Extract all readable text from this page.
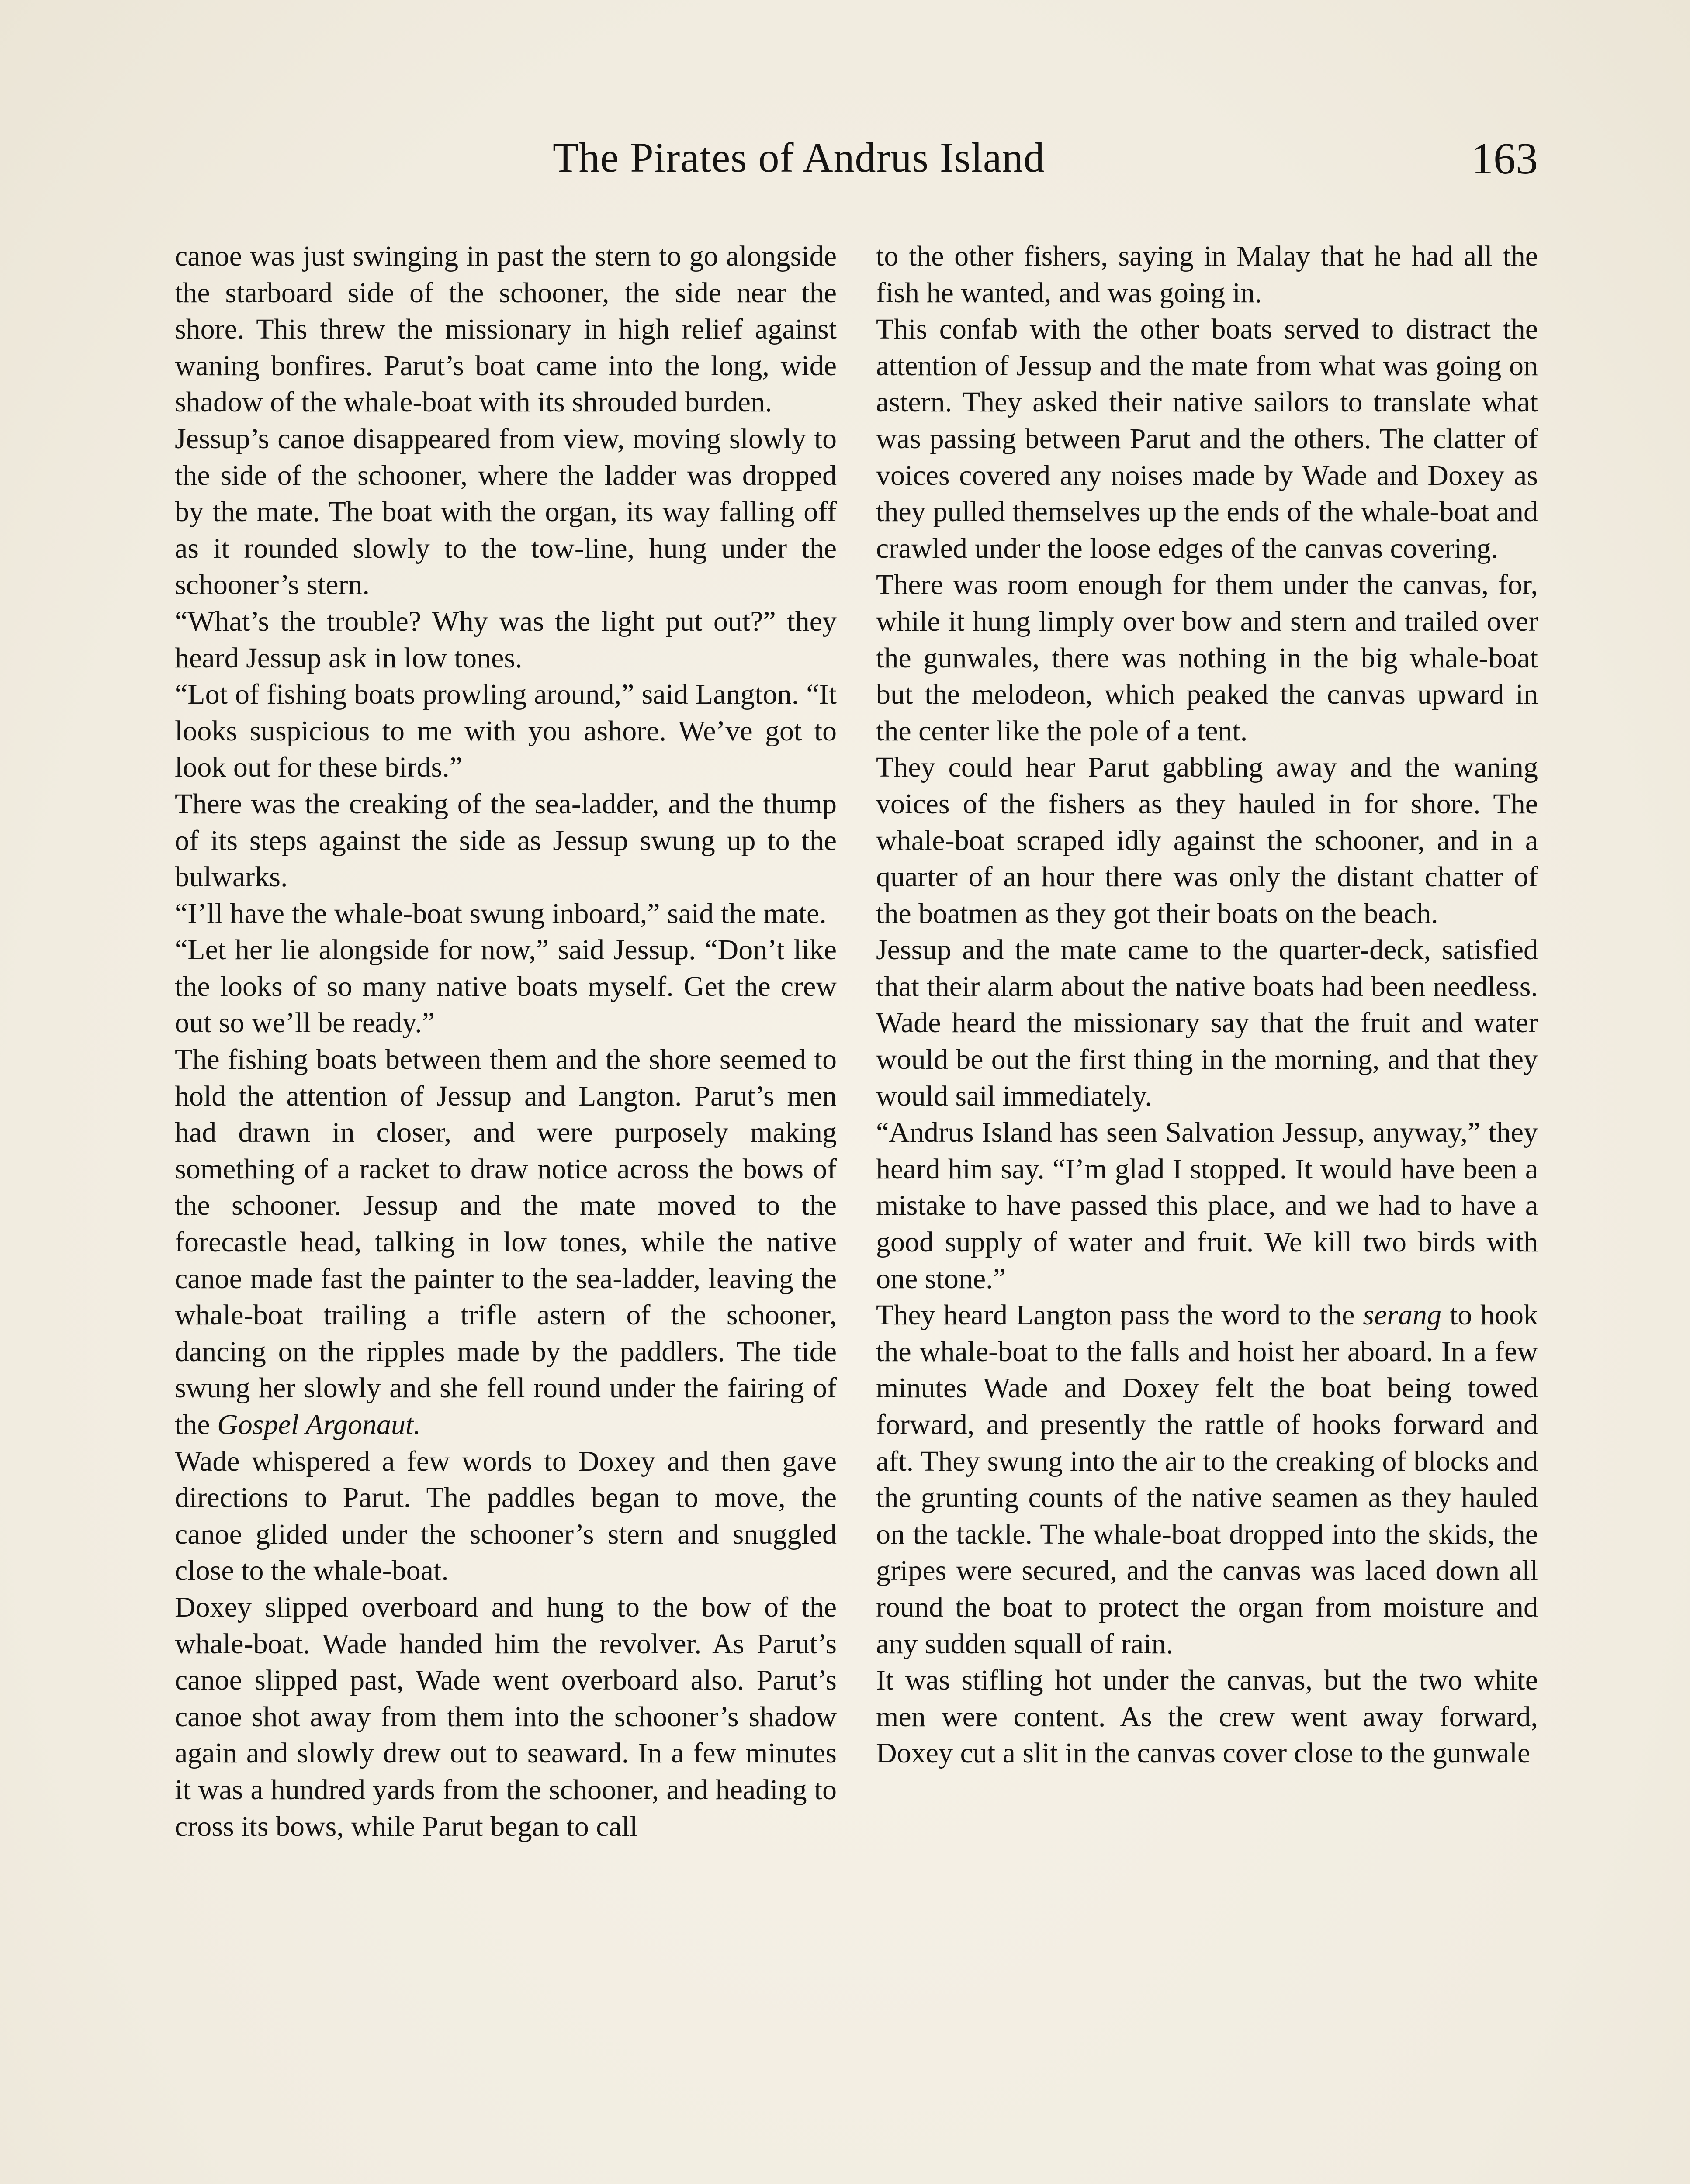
The Pirates of Andrus Island	163

canoe was just swinging in past the stern to go alongside the starboard side of the schooner, the side near the shore. This threw the missionary in high relief against waning bonfires. Parut’s boat came into the long, wide shadow of the whale-boat with its shrouded burden.

Jessup’s canoe disappeared from view, moving slowly to the side of the schooner, where the ladder was dropped by the mate. The boat with the organ, its way falling off as it rounded slowly to the tow-line, hung under the schooner’s stern.

“What’s the trouble? Why was the light put out?” they heard Jessup ask in low tones.

“Lot of fishing boats prowling around,” said Langton. “It looks suspicious to me with you ashore. We’ve got to look out for these birds.”

There was the creaking of the sea-ladder, and the thump of its steps against the side as Jessup swung up to the bulwarks.

“I’ll have the whale-boat swung inboard,” said the mate.

“Let her lie alongside for now,” said Jessup. “Don’t like the looks of so many native boats myself. Get the crew out so we’ll be ready.”

The fishing boats between them and the shore seemed to hold the attention of Jessup and Langton. Parut’s men had drawn in closer, and were purposely making something of a racket to draw notice across the bows of the schooner. Jessup and the mate moved to the forecastle head, talking in low tones, while the native canoe made fast the painter to the sea-ladder, leaving the whale-boat trailing a trifle astern of the schooner, dancing on the ripples made by the paddlers. The tide swung her slowly and she fell round under the fairing of the Gospel Argonaut.

Wade whispered a few words to Doxey and then gave directions to Parut. The paddles began to move, the canoe glided under the schooner’s stern and snuggled close to the whale-boat.

Doxey slipped overboard and hung to the bow of the whale-boat. Wade handed him the revolver. As Parut’s canoe slipped past, Wade went overboard also. Parut’s canoe shot away from them into the schooner’s shadow again and slowly drew out to seaward. In a few minutes it was a hundred yards from the schooner, and heading to cross its bows, while Parut began to call

to the other fishers, saying in Malay that he had all the fish he wanted, and was going in.

This confab with the other boats served to distract the attention of Jessup and the mate from what was going on astern. They asked their native sailors to translate what was passing between Parut and the others. The clatter of voices covered any noises made by Wade and Doxey as they pulled themselves up the ends of the whale-boat and crawled under the loose edges of the canvas covering.

There was room enough for them under the canvas, for, while it hung limply over bow and stern and trailed over the gunwales, there was nothing in the big whale-boat but the melodeon, which peaked the canvas upward in the center like the pole of a tent.

They could hear Parut gabbling away and the waning voices of the fishers as they hauled in for shore. The whale-boat scraped idly against the schooner, and in a quarter of an hour there was only the distant chatter of the boatmen as they got their boats on the beach.

Jessup and the mate came to the quarter-deck, satisfied that their alarm about the native boats had been needless. Wade heard the missionary say that the fruit and water would be out the first thing in the morning, and that they would sail immediately.

“Andrus Island has seen Salvation Jessup, anyway,” they heard him say. “I’m glad I stopped. It would have been a mistake to have passed this place, and we had to have a good supply of water and fruit. We kill two birds with one stone.”

They heard Langton pass the word to the serang to hook the whale-boat to the falls and hoist her aboard. In a few minutes Wade and Doxey felt the boat being towed forward, and presently the rattle of hooks forward and aft. They swung into the air to the creaking of blocks and the grunting counts of the native seamen as they hauled on the tackle. The whale-boat dropped into the skids, the gripes were secured, and the canvas was laced down all round the boat to protect the organ from moisture and any sudden squall of rain.

It was stifling hot under the canvas, but the two white men were content. As the crew went away forward, Doxey cut a slit in the canvas cover close to the gunwale
